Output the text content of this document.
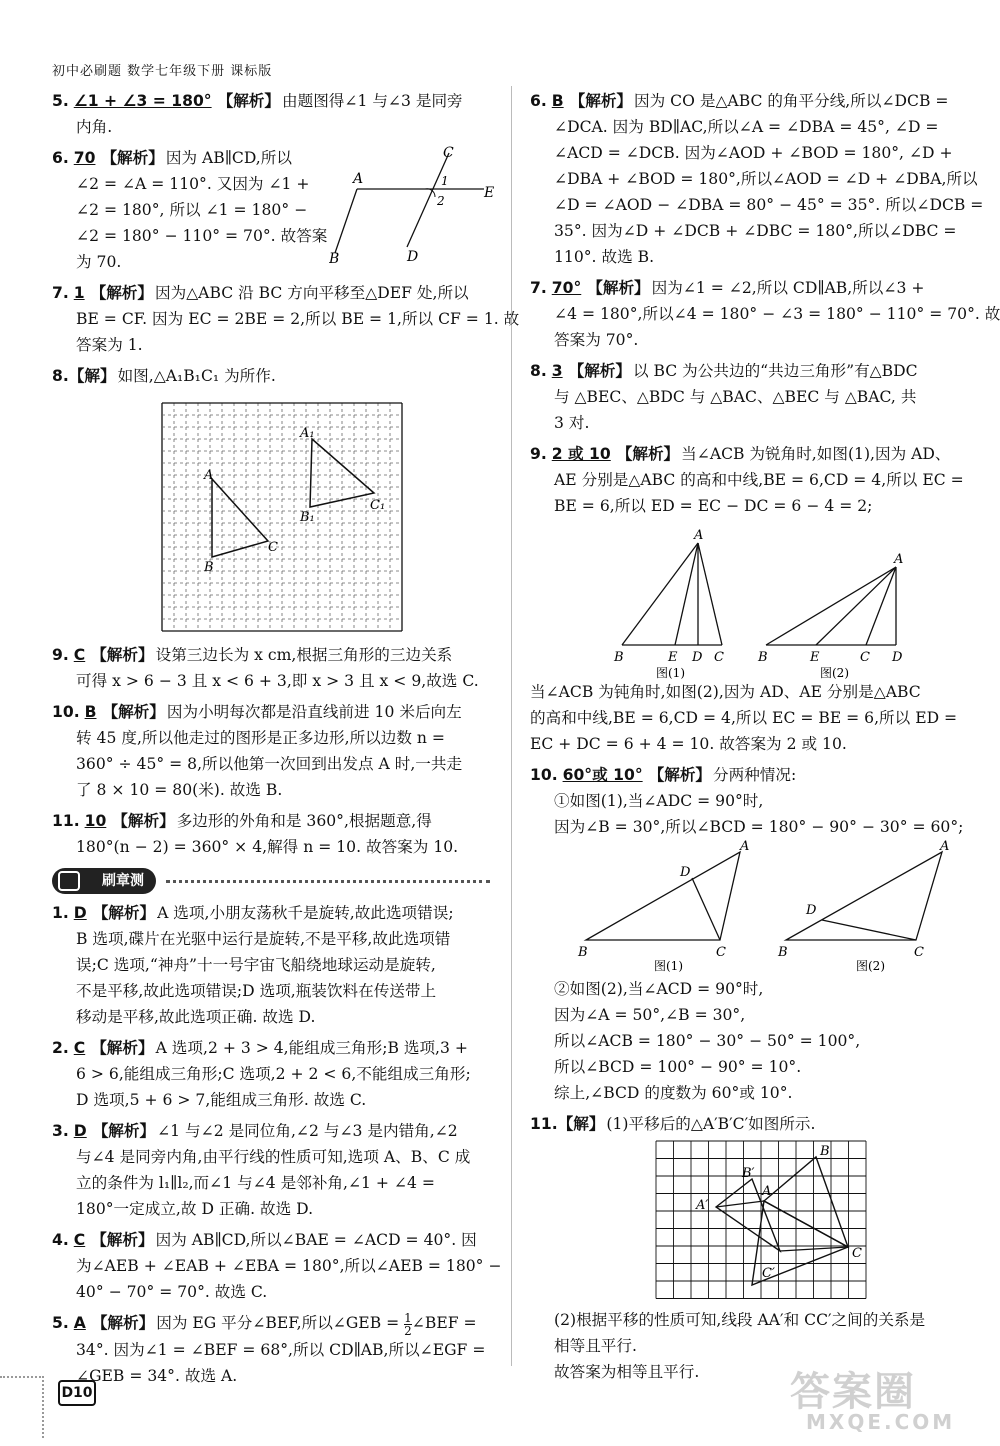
初中必刷题 数学七年级下册 课标版
5. ∠1 + ∠3 = 180° 【解析】 由题图得∠1 与∠3 是同旁
内角.
6. 70 【解析】 因为 AB∥CD,所以
∠2 = ∠A = 110°. 又因为 ∠1 +
∠2 = 180°, 所以 ∠1 = 180° −
∠2 = 180° − 110° = 70°. 故答案
为 70.
C
A	1
2	E
B	D
7. 1 【解析】 因为△ABC 沿 BC 方向平移至△DEF 处,所以
BE = CF. 因为 EC = 2BE = 2,所以 BE = 1,所以 CF = 1. 故
答案为 1.
8.【解】 如图,△A₁B₁C₁ 为所作.
A₁
C₁
B₁
A
C
B
9. C 【解析】 设第三边长为 x cm,根据三角形的三边关系
可得 x > 6 − 3 且 x < 6 + 3,即 x > 3 且 x < 9,故选 C.
10. B 【解析】 因为小明每次都是沿直线前进 10 米后向左
转 45 度,所以他走过的图形是正多边形,所以边数 n =
360° ÷ 45° = 8,所以他第一次回到出发点 A 时,一共走
了 8 × 10 = 80(米). 故选 B.
11. 10 【解析】 多边形的外角和是 360°,根据题意,得
180°(n − 2) = 360° × 4,解得 n = 10. 故答案为 10.
刷章测
1. D 【解析】 A 选项,小朋友荡秋千是旋转,故此选项错误;
B 选项,碟片在光驱中运行是旋转,不是平移,故此选项错
误;C 选项,“神舟”十一号宇宙飞船绕地球运动是旋转,
不是平移,故此选项错误;D 选项,瓶装饮料在传送带上
移动是平移,故此选项正确. 故选 D.
2. C 【解析】 A 选项,2 + 3 > 4,能组成三角形;B 选项,3 +
6 > 6,能组成三角形;C 选项,2 + 2 < 6,不能组成三角形;
D 选项,5 + 6 > 7,能组成三角形. 故选 C.
3. D 【解析】 ∠1 与∠2 是同位角,∠2 与∠3 是内错角,∠2
与∠4 是同旁内角,由平行线的性质可知,选项 A、B、C 成
立的条件为 l₁∥l₂,而∠1 与∠4 是邻补角,∠1 + ∠4 =
180°一定成立,故 D 正确. 故选 D.
4. C 【解析】 因为 AB∥CD,所以∠BAE = ∠ACD = 40°. 因
为∠AEB + ∠EAB + ∠EBA = 180°,所以∠AEB = 180° −
40° − 70° = 70°. 故选 C.
5. A 【解析】 因为 EG 平分∠BEF,所以∠GEB = $\frac{1}{2}$ ∠BEF =
34°. 因为∠1 = ∠BEF = 68°,所以 CD∥AB,所以∠EGF =
∠GEB = 34°. 故选 A.
6. B 【解析】 因为 CO 是△ABC 的角平分线,所以∠DCB =
∠DCA. 因为 BD∥AC,所以∠A = ∠DBA = 45°, ∠D =
∠ACD = ∠DCB. 因为∠AOD + ∠BOD = 180°, ∠D +
∠DBA + ∠BOD = 180°,所以∠AOD = ∠D + ∠DBA,所以
∠D = ∠AOD − ∠DBA = 80° − 45° = 35°. 所以∠DCB =
35°. 因为∠D + ∠DCB + ∠DBC = 180°,所以∠DBC =
110°. 故选 B.
7. 70° 【解析】 因为∠1 = ∠2,所以 CD∥AB,所以∠3 +
∠4 = 180°,所以∠4 = 180° − ∠3 = 180° − 110° = 70°. 故
答案为 70°.
8. 3 【解析】 以 BC 为公共边的“共边三角形”有△BDC
与 △BEC、△BDC 与 △BAC、△BEC 与 △BAC, 共
3 对.
9. 2 或 10 【解析】 当∠ACB 为锐角时,如图(1),因为 AD、
AE 分别是△ABC 的高和中线,BE = 6,CD = 4,所以 EC =
BE = 6,所以 ED = EC − DC = 6 − 4 = 2;
A
B	E D C
图(1)
A
B	E	C D
图(2)
当∠ACB 为钝角时,如图(2),因为 AD、AE 分别是△ABC
的高和中线,BE = 6,CD = 4,所以 EC = BE = 6,所以 ED =
EC + DC = 6 + 4 = 10. 故答案为 2 或 10.
10. 60°或 10° 【解析】 分两种情况:
①如图(1),当∠ADC = 90°时,
因为∠B = 30°,所以∠BCD = 180° − 90° − 30° = 60°;
A
D
B	C
图(1)
A
D
B	C
图(2)
②如图(2),当∠ACD = 90°时,
因为∠A = 50°,∠B = 30°,
所以∠ACB = 180° − 30° − 50° = 100°,
所以∠BCD = 100° − 90° = 10°.
综上,∠BCD 的度数为 60°或 10°.
11.【解】 (1)平移后的△A′B′C′如图所示.
B
B′
A′
A
C
C′
(2)根据平移的性质可知,线段 AA′和 CC′之间的关系是
相等且平行.
故答案为相等且平行.
D10	答案圈
MXQE.COM
